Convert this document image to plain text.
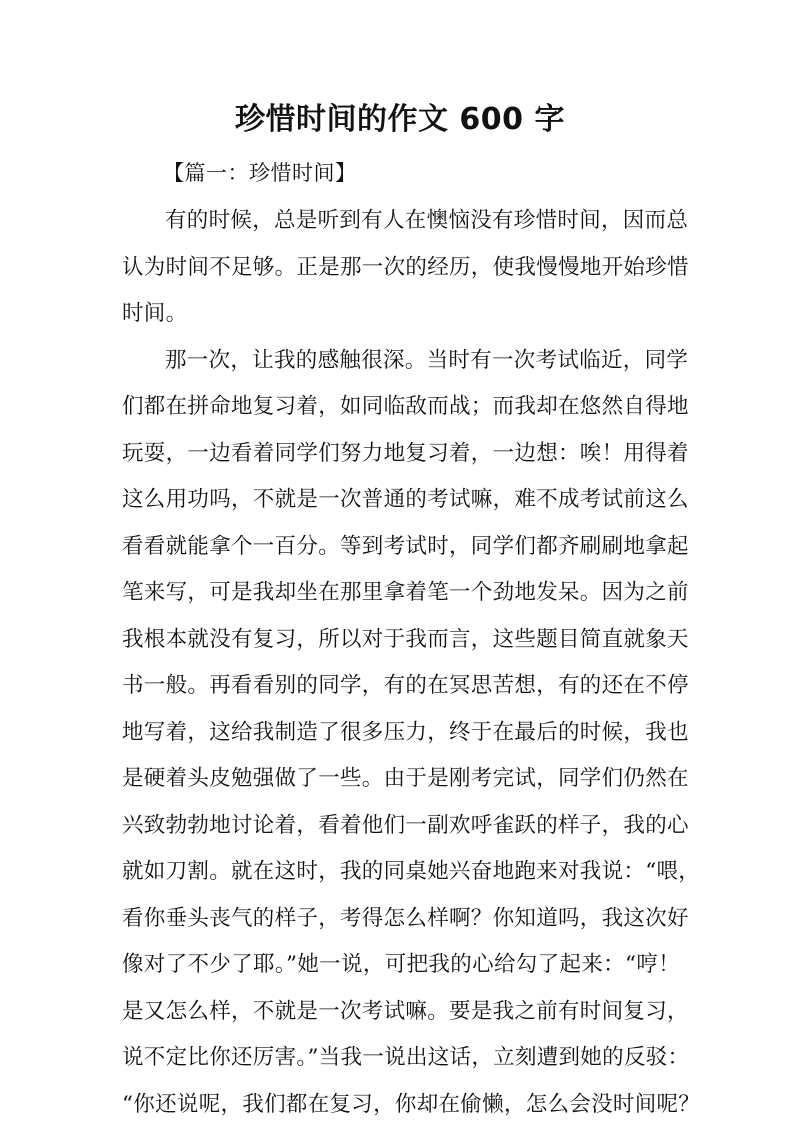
珍惜时间的作文 600 字
【篇一：珍惜时间】
有的时候，总是听到有人在懊恼没有珍惜时间，因而总
认为时间不足够。正是那一次的经历，使我慢慢地开始珍惜
时间。
那一次，让我的感触很深。当时有一次考试临近，同学
们都在拼命地复习着，如同临敌而战；而我却在悠然自得地
玩耍，一边看着同学们努力地复习着，一边想：唉！用得着
这么用功吗，不就是一次普通的考试嘛，难不成考试前这么
看看就能拿个一百分。等到考试时，同学们都齐刷刷地拿起
笔来写，可是我却坐在那里拿着笔一个劲地发呆。因为之前
我根本就没有复习，所以对于我而言，这些题目简直就象天
书一般。再看看别的同学，有的在冥思苦想，有的还在不停
地写着，这给我制造了很多压力，终于在最后的时候，我也
是硬着头皮勉强做了一些。由于是刚考完试，同学们仍然在
兴致勃勃地讨论着，看着他们一副欢呼雀跃的样子，我的心
就如刀割。就在这时，我的同桌她兴奋地跑来对我说：“喂，
看你垂头丧气的样子，考得怎么样啊？你知道吗，我这次好
像对了不少了耶。”她一说，可把我的心给勾了起来：“哼！
是又怎么样，不就是一次考试嘛。要是我之前有时间复习，
说不定比你还厉害。”当我一说出这话，立刻遭到她的反驳：
“你还说呢，我们都在复习，你却在偷懒，怎么会没时间呢？
